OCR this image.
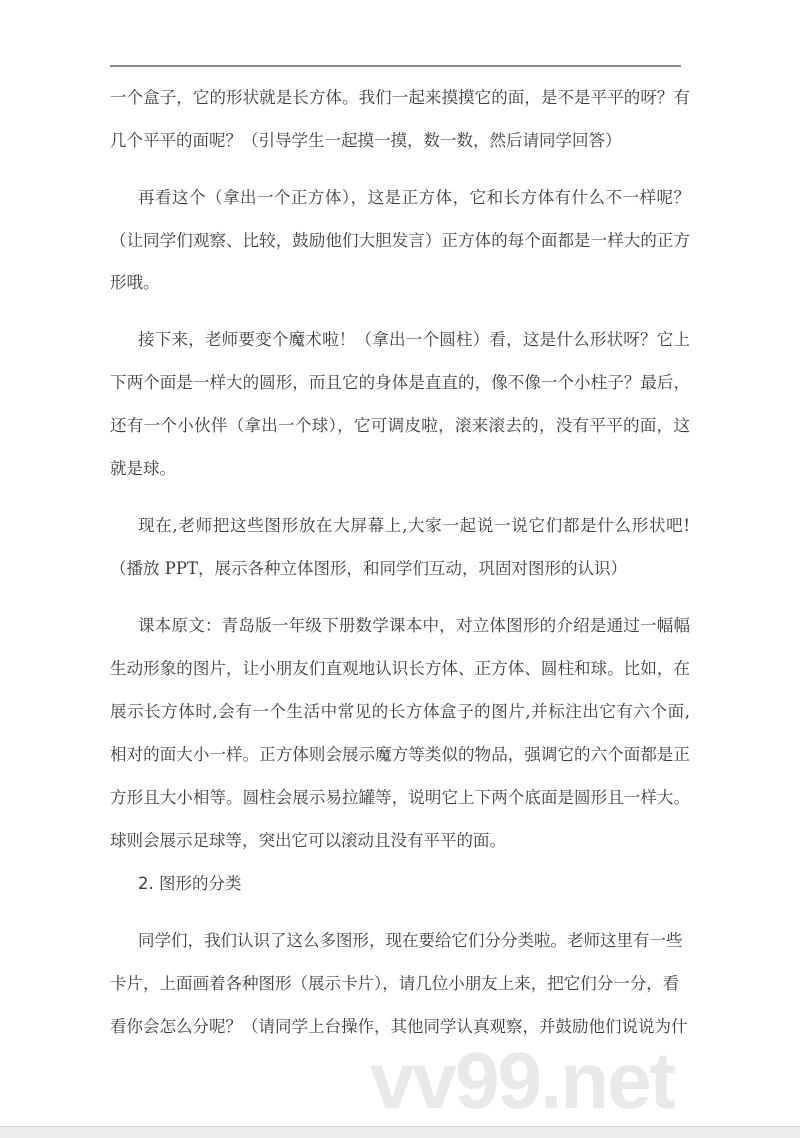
vv99.net
一个盒子，它的形状就是长方体。我们一起来摸摸它的面，是不是平平的呀？有
几个平平的面呢？（引导学生一起摸一摸，数一数，然后请同学回答）
再看这个（拿出一个正方体），这是正方体，它和长方体有什么不一样呢？
（让同学们观察、比较，鼓励他们大胆发言）正方体的每个面都是一样大的正方
形哦。
接下来，老师要变个魔术啦！（拿出一个圆柱）看，这是什么形状呀？它上
下两个面是一样大的圆形，而且它的身体是直直的，像不像一个小柱子？最后，
还有一个小伙伴（拿出一个球），它可调皮啦，滚来滚去的，没有平平的面，这
就是球。
现在,老师把这些图形放在大屏幕上,大家一起说一说它们都是什么形状吧!
（播放 PPT，展示各种立体图形，和同学们互动，巩固对图形的认识）
课本原文：青岛版一年级下册数学课本中，对立体图形的介绍是通过一幅幅
生动形象的图片，让小朋友们直观地认识长方体、正方体、圆柱和球。比如，在
展示长方体时,会有一个生活中常见的长方体盒子的图片,并标注出它有六个面,
相对的面大小一样。正方体则会展示魔方等类似的物品，强调它的六个面都是正
方形且大小相等。圆柱会展示易拉罐等，说明它上下两个底面是圆形且一样大。
球则会展示足球等，突出它可以滚动且没有平平的面。
2. 图形的分类
同学们，我们认识了这么多图形，现在要给它们分分类啦。老师这里有一些
卡片，上面画着各种图形（展示卡片），请几位小朋友上来，把它们分一分，看
看你会怎么分呢？（请同学上台操作，其他同学认真观察，并鼓励他们说说为什
